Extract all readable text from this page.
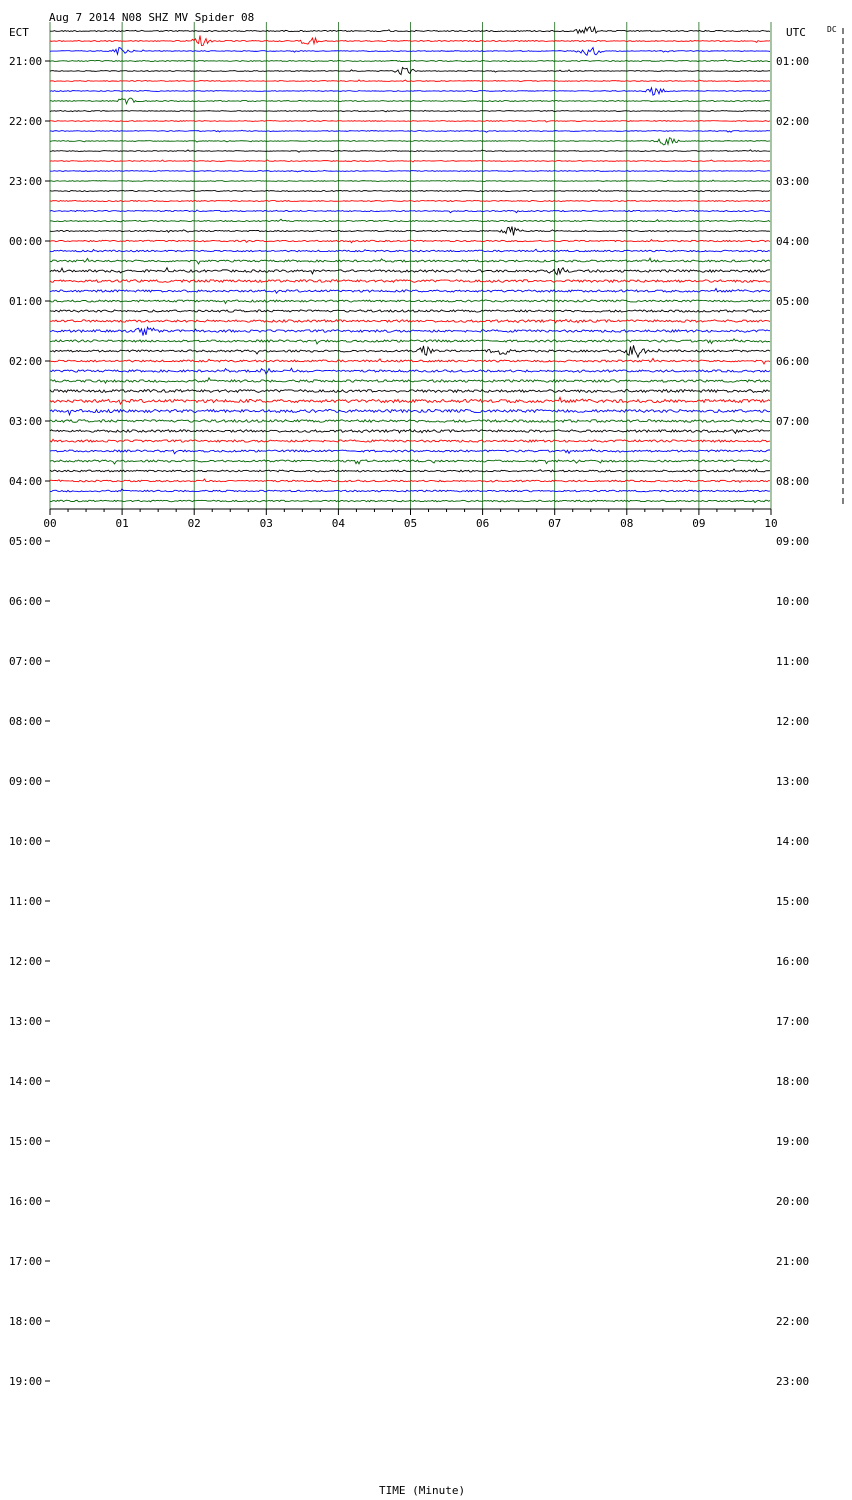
Aug 7 2014 N08 SHZ MV Spider 08
ECT	UTC	DC
00	01	02	03	04	05	06	07	08	09	10
21:00	01:00
22:00	02:00
23:00	03:00
00:00	04:00
01:00	05:00
02:00	06:00
03:00	07:00
04:00	08:00
05:00	09:00
06:00	10:00
07:00	11:00
08:00	12:00
09:00	13:00
10:00	14:00
11:00	15:00
12:00	16:00
13:00	17:00
14:00	18:00
15:00	19:00
16:00	20:00
17:00	21:00
18:00	22:00
19:00	23:00
TIME (Minute)
